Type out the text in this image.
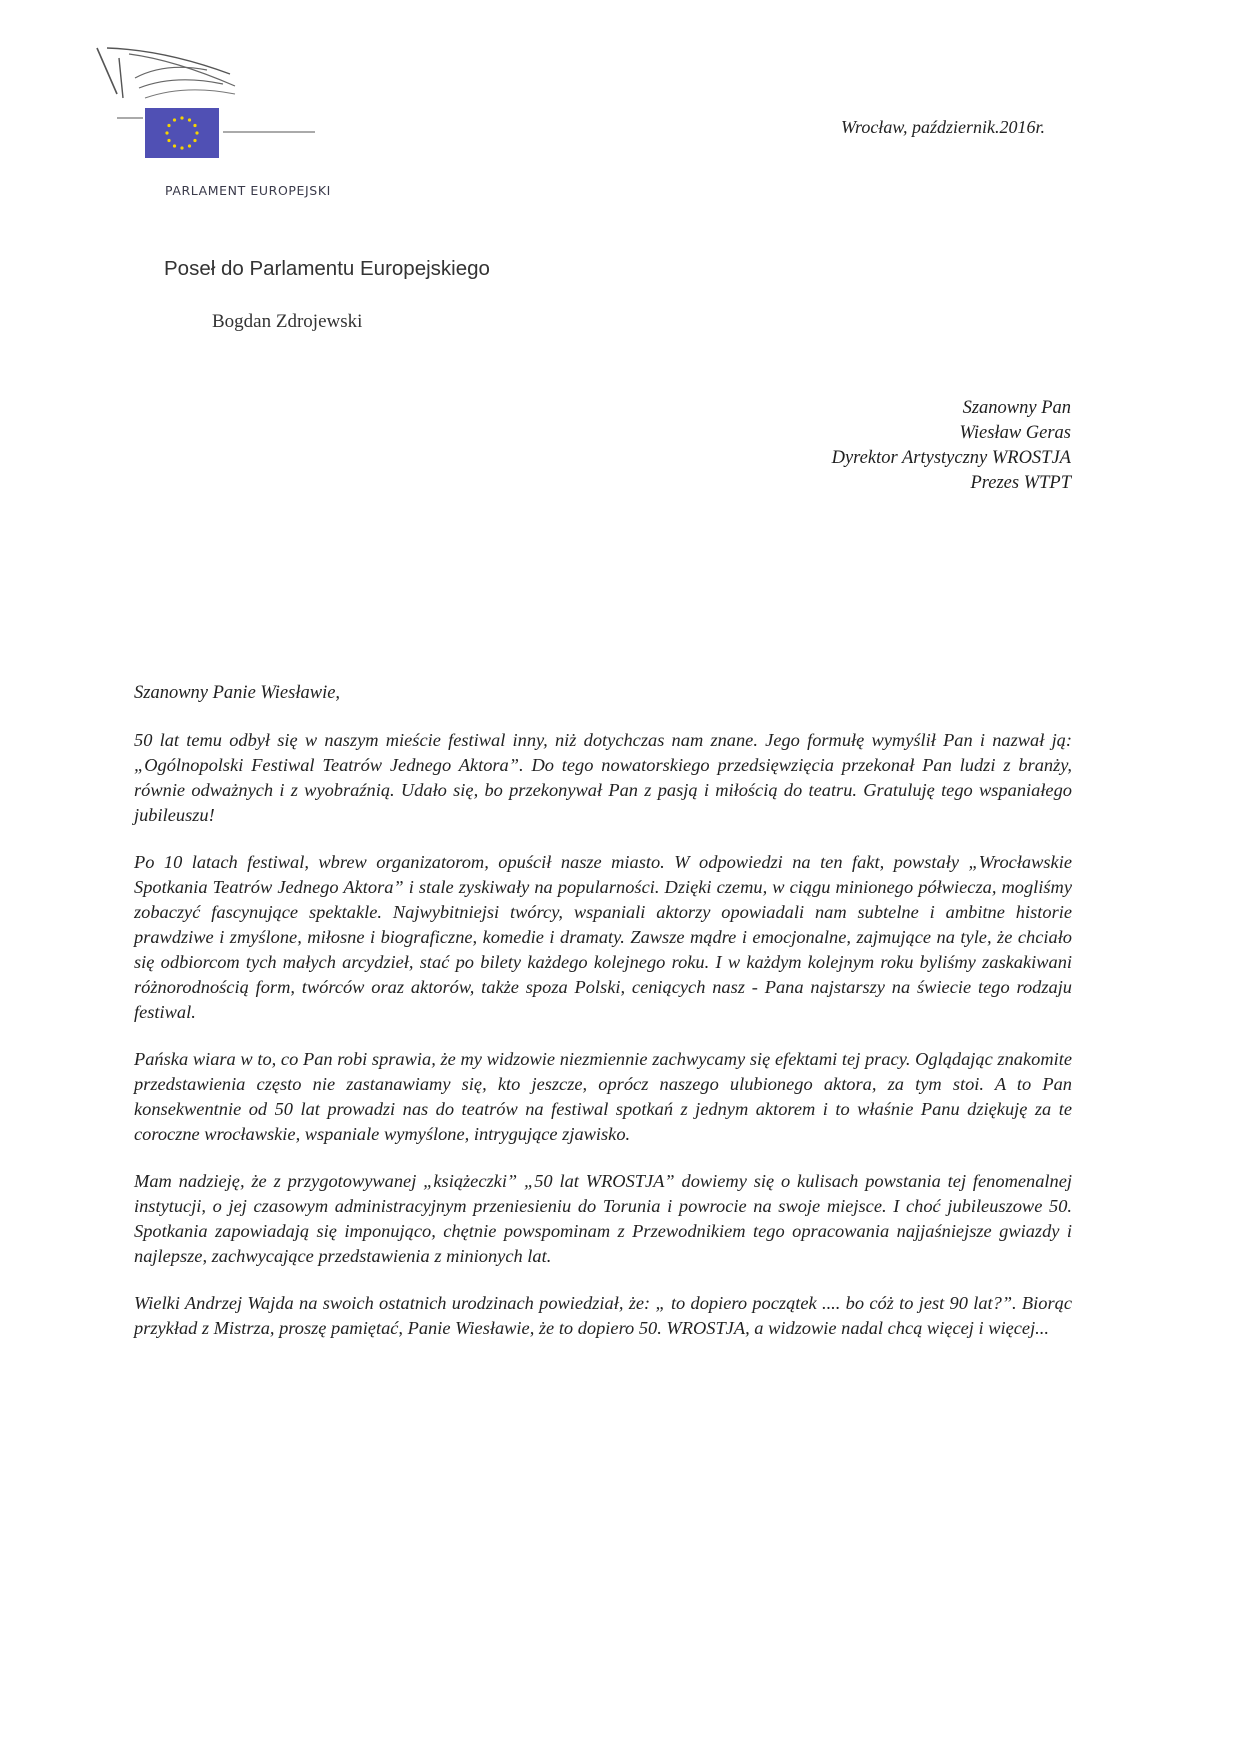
PARLAMENT EUROPEJSKI
Wrocław, październik.2016r.
Poseł do Parlamentu Europejskiego
Bogdan Zdrojewski
Szanowny Pan
Wiesław Geras
Dyrektor Artystyczny WROSTJA
Prezes WTPT
Szanowny Panie Wiesławie,

50 lat temu odbył się w naszym mieście festiwal inny, niż dotychczas nam znane. Jego formułę wymyślił Pan i nazwał ją: „Ogólnopolski Festiwal Teatrów Jednego Aktora”. Do tego nowatorskiego przedsięwzięcia przekonał Pan ludzi z branży, równie odważnych i z wyobraźnią. Udało się, bo przekonywał Pan z pasją i miłością do teatru. Gratuluję tego wspaniałego jubileuszu!

Po 10 latach festiwal, wbrew organizatorom, opuścił nasze miasto. W odpowiedzi na ten fakt, powstały „Wrocławskie Spotkania Teatrów Jednego Aktora” i stale zyskiwały na popularności. Dzięki czemu, w ciągu minionego półwiecza, mogliśmy zobaczyć fascynujące spektakle. Najwybitniejsi twórcy, wspaniali aktorzy opowiadali nam subtelne i ambitne historie prawdziwe i zmyślone, miłosne i biograficzne, komedie i dramaty. Zawsze mądre i emocjonalne, zajmujące na tyle, że chciało się odbiorcom tych małych arcydzieł, stać po bilety każdego kolejnego roku. I w każdym kolejnym roku byliśmy zaskakiwani różnorodnością form, twórców oraz aktorów, także spoza Polski, ceniących nasz - Pana najstarszy na świecie tego rodzaju festiwal.

Pańska wiara w to, co Pan robi sprawia, że my widzowie niezmiennie zachwycamy się efektami tej pracy. Oglądając znakomite przedstawienia często nie zastanawiamy się, kto jeszcze, oprócz naszego ulubionego aktora, za tym stoi. A to Pan konsekwentnie od 50 lat prowadzi nas do teatrów na festiwal spotkań z jednym aktorem i to właśnie Panu dziękuję za te coroczne wrocławskie, wspaniale wymyślone, intrygujące zjawisko.

Mam nadzieję, że z przygotowywanej „książeczki” „50 lat WROSTJA” dowiemy się o kulisach powstania tej fenomenalnej instytucji, o jej czasowym administracyjnym przeniesieniu do Torunia i powrocie na swoje miejsce. I choć jubileuszowe 50. Spotkania zapowiadają się imponująco, chętnie powspominam z Przewodnikiem tego opracowania najjaśniejsze gwiazdy i najlepsze, zachwycające przedstawienia z minionych lat.

Wielki Andrzej Wajda na swoich ostatnich urodzinach powiedział, że: „ to dopiero początek .... bo cóż to jest 90 lat?”. Biorąc przykład z Mistrza, proszę pamiętać, Panie Wiesławie, że to dopiero 50. WROSTJA, a widzowie nadal chcą więcej i więcej...
